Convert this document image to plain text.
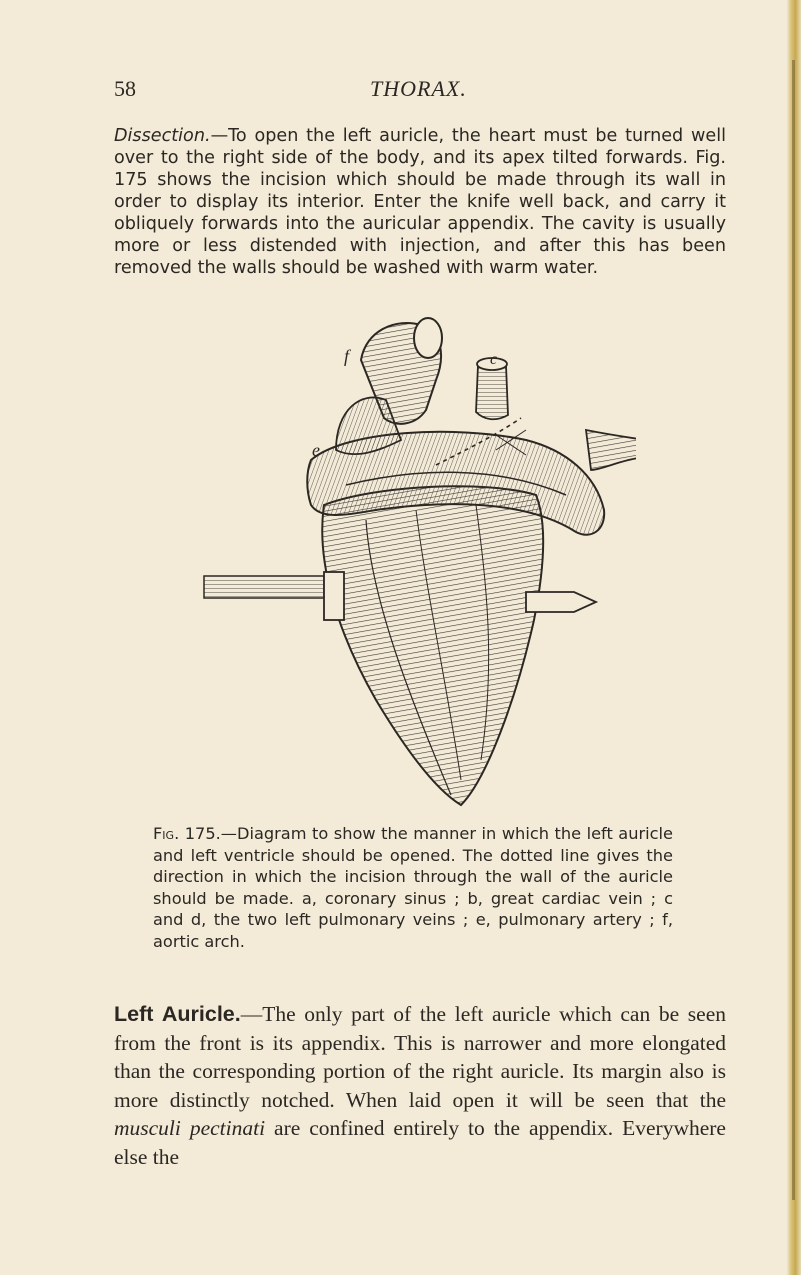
58	THORAX.

Dissection.—To open the left auricle, the heart must be turned well over to the right side of the body, and its apex tilted forwards. Fig. 175 shows the incision which should be made through its wall in order to display its interior. Enter the knife well back, and carry it obliquely forwards into the auricular appendix. The cavity is usually more or less distended with injection, and after this has been removed the walls should be washed with warm water.

f	c
e

Fig. 175.—Diagram to show the manner in which the left auricle and left ventricle should be opened. The dotted line gives the direction in which the incision through the wall of the auricle should be made. a, coronary sinus ; b, great cardiac vein ; c and d, the two left pulmonary veins ; e, pulmonary artery ; f, aortic arch.

Left Auricle.—The only part of the left auricle which can be seen from the front is its appendix. This is narrower and more elongated than the corresponding portion of the right auricle. Its margin also is more distinctly notched. When laid open it will be seen that the musculi pectinati are confined entirely to the appendix. Everywhere else the
